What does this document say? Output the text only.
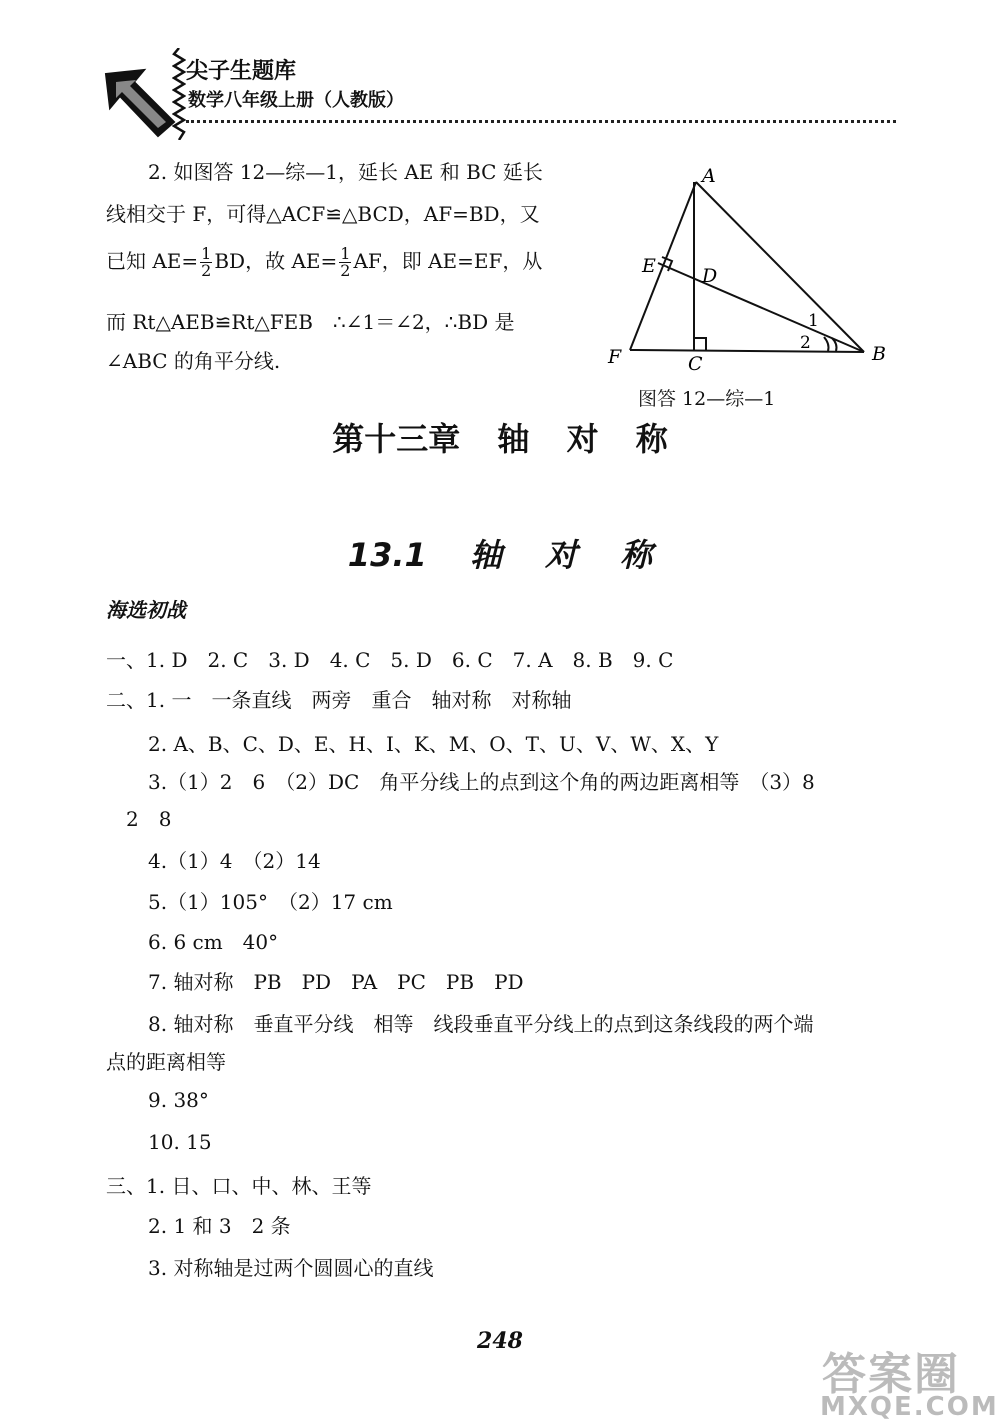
尖子生题库
数学八年级上册（人教版）
2. 如图答 12—综—1，延长 AE 和 BC 延长
线相交于 F，可得△ACF≌△BCD，AF=BD，又
已知 $AE= \frac{1}{2}$ BD，故 $AE= \frac{1}{2}$ AF，即 AE=EF，从
而 Rt△AEB≌Rt△FEB　∴∠1＝∠2，∴BD 是
∠ABC 的角平分线.
A
B
C
D
E
F
1
2
图答 12—综—1
第十三章 轴 对 称
13.1 轴 对 称
海选初战
一、1. D　2. C　3. D　4. C　5. D　6. C　7. A　8. B　9. C
二、1. 一　一条直线　两旁　重合　轴对称　对称轴
2. A、B、C、D、E、H、I、K、M、O、T、U、V、W、X、Y
3.（1）2　6　（2）DC　角平分线上的点到这个角的两边距离相等　（3）8
2　8
4.（1）4　（2）14
5.（1）105°　（2）17 cm
6. 6 cm　40°
7. 轴对称　PB　PD　PA　PC　PB　PD
8. 轴对称　垂直平分线　相等　线段垂直平分线上的点到这条线段的两个端
点的距离相等
9. 38°
10. 15
三、1. 日、口、中、林、王等
2. 1 和 3　2 条
3. 对称轴是过两个圆圆心的直线
248
答案圈
MXQE.COM
